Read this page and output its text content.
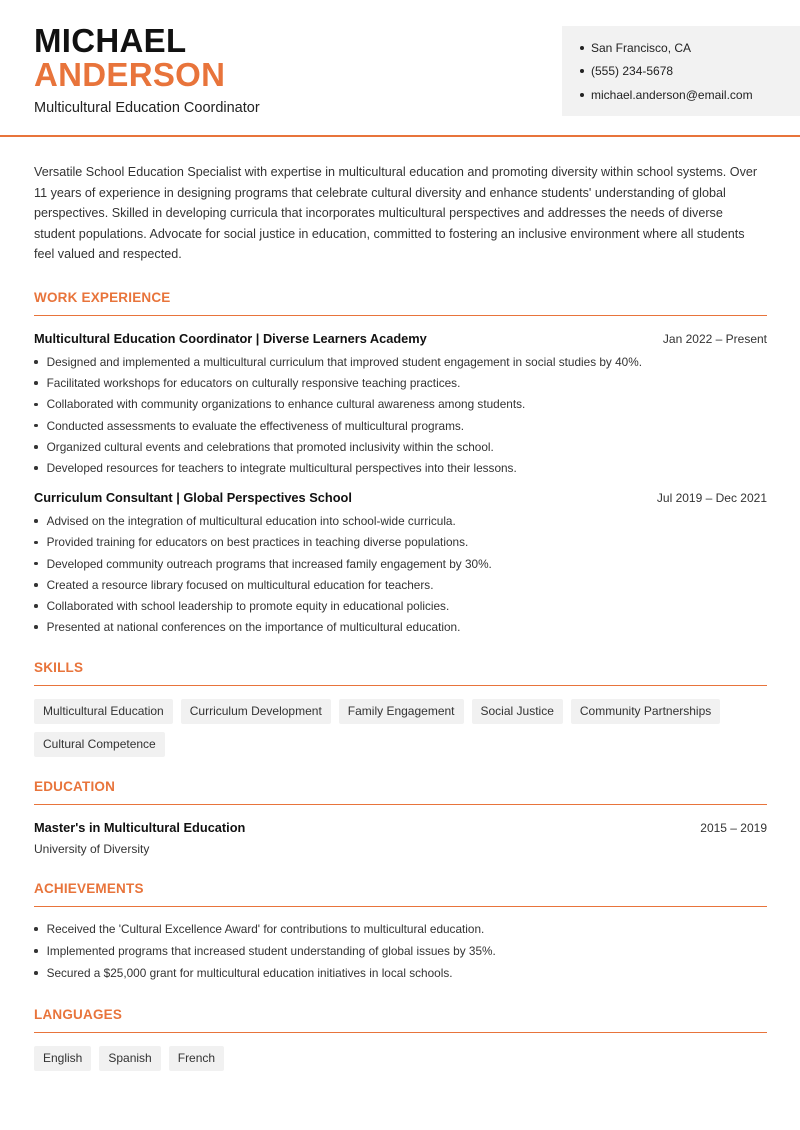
MICHAEL
ANDERSON
Multicultural Education Coordinator
San Francisco, CA
(555) 234-5678
michael.anderson@email.com

Versatile School Education Specialist with expertise in multicultural education and promoting diversity within school systems. Over 11 years of experience in designing programs that celebrate cultural diversity and enhance students' understanding of global perspectives. Skilled in developing curricula that incorporates multicultural perspectives and addresses the needs of diverse student populations. Advocate for social justice in education, committed to fostering an inclusive environment where all students feel valued and respected.

WORK EXPERIENCE
Multicultural Education Coordinator | Diverse Learners Academy	Jan 2022 – Present
Designed and implemented a multicultural curriculum that improved student engagement in social studies by 40%.
Facilitated workshops for educators on culturally responsive teaching practices.
Collaborated with community organizations to enhance cultural awareness among students.
Conducted assessments to evaluate the effectiveness of multicultural programs.
Organized cultural events and celebrations that promoted inclusivity within the school.
Developed resources for teachers to integrate multicultural perspectives into their lessons.
Curriculum Consultant | Global Perspectives School	Jul 2019 – Dec 2021
Advised on the integration of multicultural education into school-wide curricula.
Provided training for educators on best practices in teaching diverse populations.
Developed community outreach programs that increased family engagement by 30%.
Created a resource library focused on multicultural education for teachers.
Collaborated with school leadership to promote equity in educational policies.
Presented at national conferences on the importance of multicultural education.
SKILLS
Multicultural Education	Curriculum Development	Family Engagement	Social Justice	Community Partnerships
Cultural Competence
EDUCATION
Master's in Multicultural Education	2015 – 2019
University of Diversity
ACHIEVEMENTS
Received the 'Cultural Excellence Award' for contributions to multicultural education.
Implemented programs that increased student understanding of global issues by 35%.
Secured a $25,000 grant for multicultural education initiatives in local schools.
LANGUAGES
English	Spanish	French
